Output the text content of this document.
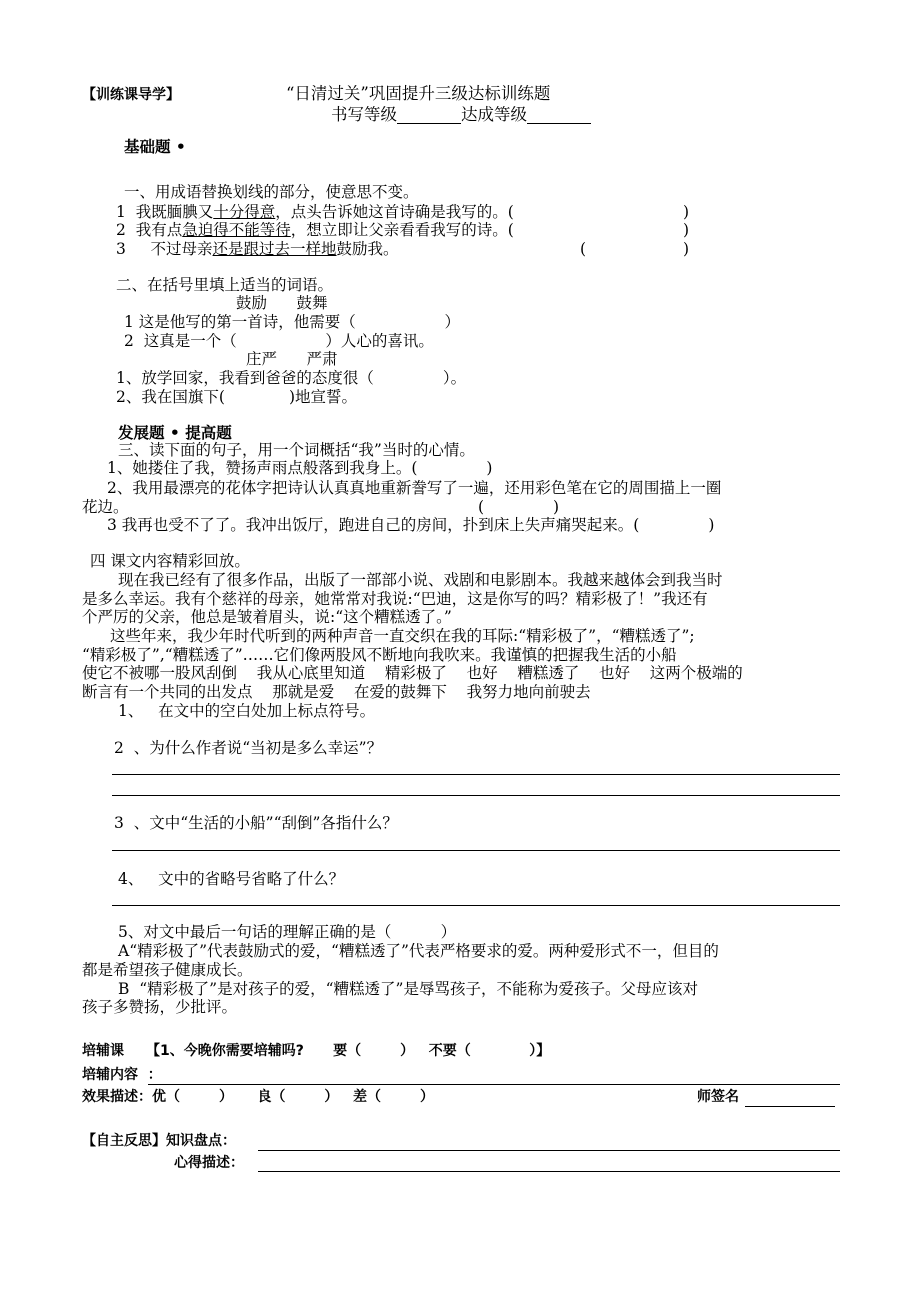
【训练课导学】	“日清过关”巩固提升三级达标训练题
书写等级	达成等级
基础题 •
一、用成语替换划线的部分，使意思不变。
1 我既腼腆又十分得意，点头告诉她这首诗确是我写的。(	)
2 我有点急迫得不能等待，想立即让父亲看看我写的诗。(	)
3 不过母亲还是跟过去一样地鼓励我。	(	)
二、在括号里填上适当的词语。
鼓励      鼓舞
1 这是他写的第一首诗，他需要（                  ）
2  这真是一个（                  ）人心的喜讯。
庄严      严肃
1、放学回家，我看到爸爸的态度很（              ）。
2、我在国旗下(             )地宣誓。
发展题 • 提高题
三、读下面的句子，用一个词概括“我”当时的心情。
1、她搂住了我，赞扬声雨点般落到我身上。(              )
2、我用最漂亮的花体字把诗认认真真地重新誊写了一遍，还用彩色笔在它的周围描上一圈
花边。	(              )
3 我再也受不了了。我冲出饭厅，跑进自己的房间，扑到床上失声痛哭起来。(              )
四 课文内容精彩回放。
现在我已经有了很多作品，出版了一部部小说、戏剧和电影剧本。我越来越体会到我当时
是多么幸运。我有个慈祥的母亲，她常常对我说:“巴迪，这是你写的吗？精彩极了！”我还有
个严厉的父亲，他总是皱着眉头，说:“这个糟糕透了。”
这些年来，我少年时代听到的两种声音一直交织在我的耳际:“精彩极了”，“糟糕透了”;
“精彩极了”,“糟糕透了”……它们像两股风不断地向我吹来。我谨慎的把握我生活的小船
使它不被哪一股风刮倒    我从心底里知道    精彩极了    也好    糟糕透了    也好    这两个极端的
断言有一个共同的出发点    那就是爱    在爱的鼓舞下    我努力地向前驶去
1、   在文中的空白处加上标点符号。
2  、为什么作者说“当初是多么幸运”？
3  、文中“生活的小船”“刮倒”各指什么？
4、   文中的省略号省略了什么？
5、对文中最后一句话的理解正确的是（          ）
A“精彩极了”代表鼓励式的爱，“糟糕透了”代表严格要求的爱。两种爱形式不一，但目的
都是希望孩子健康成长。
B  “精彩极了”是对孩子的爱，“糟糕透了”是辱骂孩子，不能称为爱孩子。父母应该对
孩子多赞扬，少批评。
培辅课 【1、今晚你需要培辅吗?      要（        ）   不要（            ）】
培辅内容  ：
效果描述：优（        ）     良（        ）   差（        ）	师签名
【自主反思】知识盘点：
心得描述：
